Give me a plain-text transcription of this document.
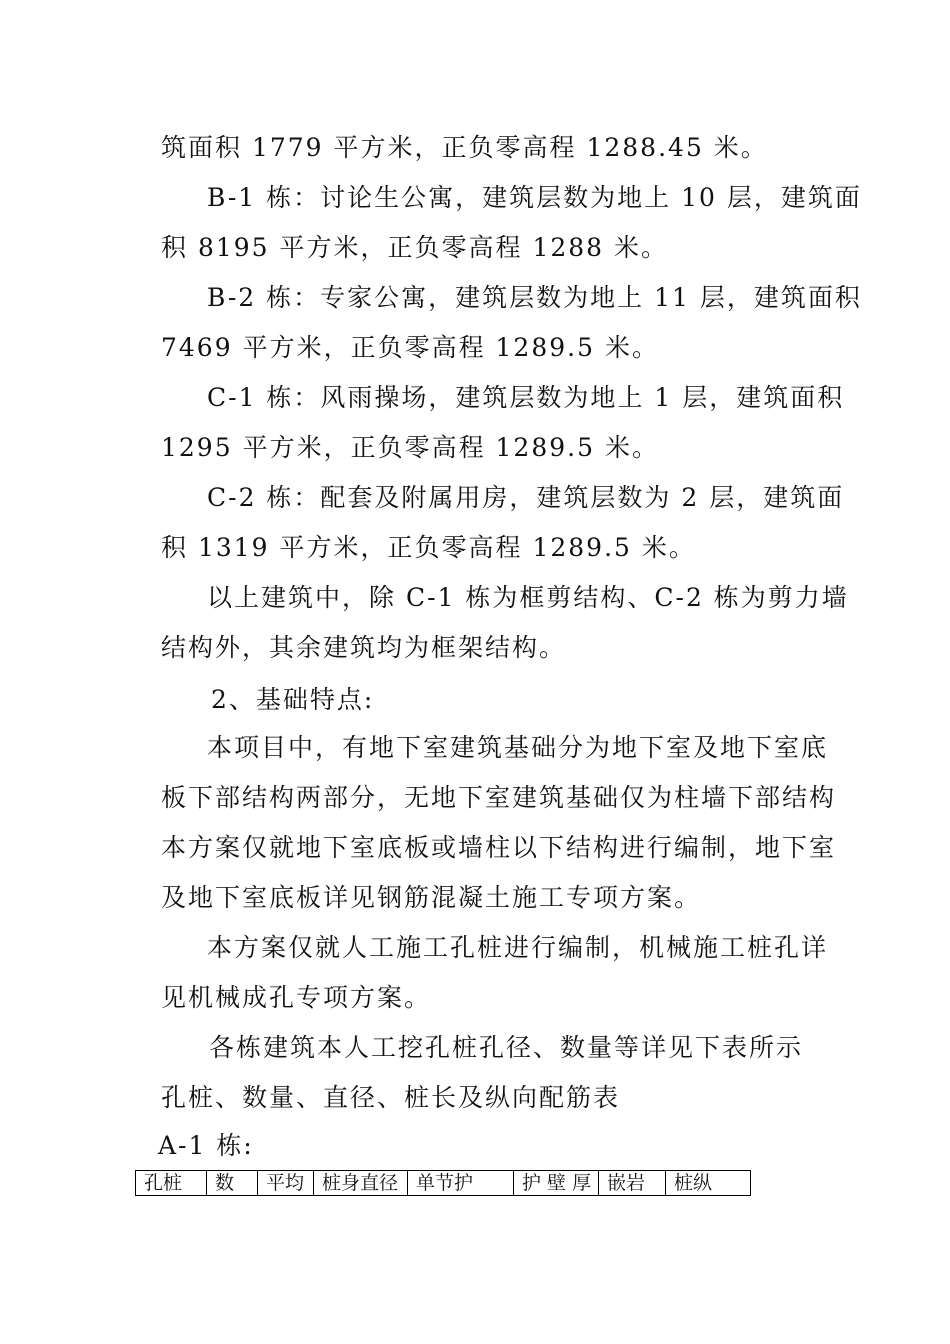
筑面积 1779 平方米，正负零高程 1288.45 米。
B-1 栋：讨论生公寓，建筑层数为地上 10 层，建筑面
积 8195 平方米，正负零高程 1288 米。
B-2 栋：专家公寓，建筑层数为地上 11 层，建筑面积
7469 平方米，正负零高程 1289.5 米。
C-1 栋：风雨操场，建筑层数为地上 1 层，建筑面积
1295 平方米，正负零高程 1289.5 米。
C-2 栋：配套及附属用房，建筑层数为 2 层，建筑面
积 1319 平方米，正负零高程 1289.5 米。
以上建筑中，除 C-1 栋为框剪结构、C-2 栋为剪力墙
结构外，其余建筑均为框架结构。
2、基础特点:
本项目中，有地下室建筑基础分为地下室及地下室底
板下部结构两部分，无地下室建筑基础仅为柱墙下部结构
本方案仅就地下室底板或墙柱以下结构进行编制，地下室
及地下室底板详见钢筋混凝土施工专项方案。
本方案仅就人工施工孔桩进行编制，机械施工桩孔详
见机械成孔专项方案。
各栋建筑本人工挖孔桩孔径、数量等详见下表所示
孔桩、数量、直径、桩长及纵向配筋表
A-1 栋:
孔桩	数	平均	桩身直径	单节护	护 壁 厚	嵌岩	桩纵
